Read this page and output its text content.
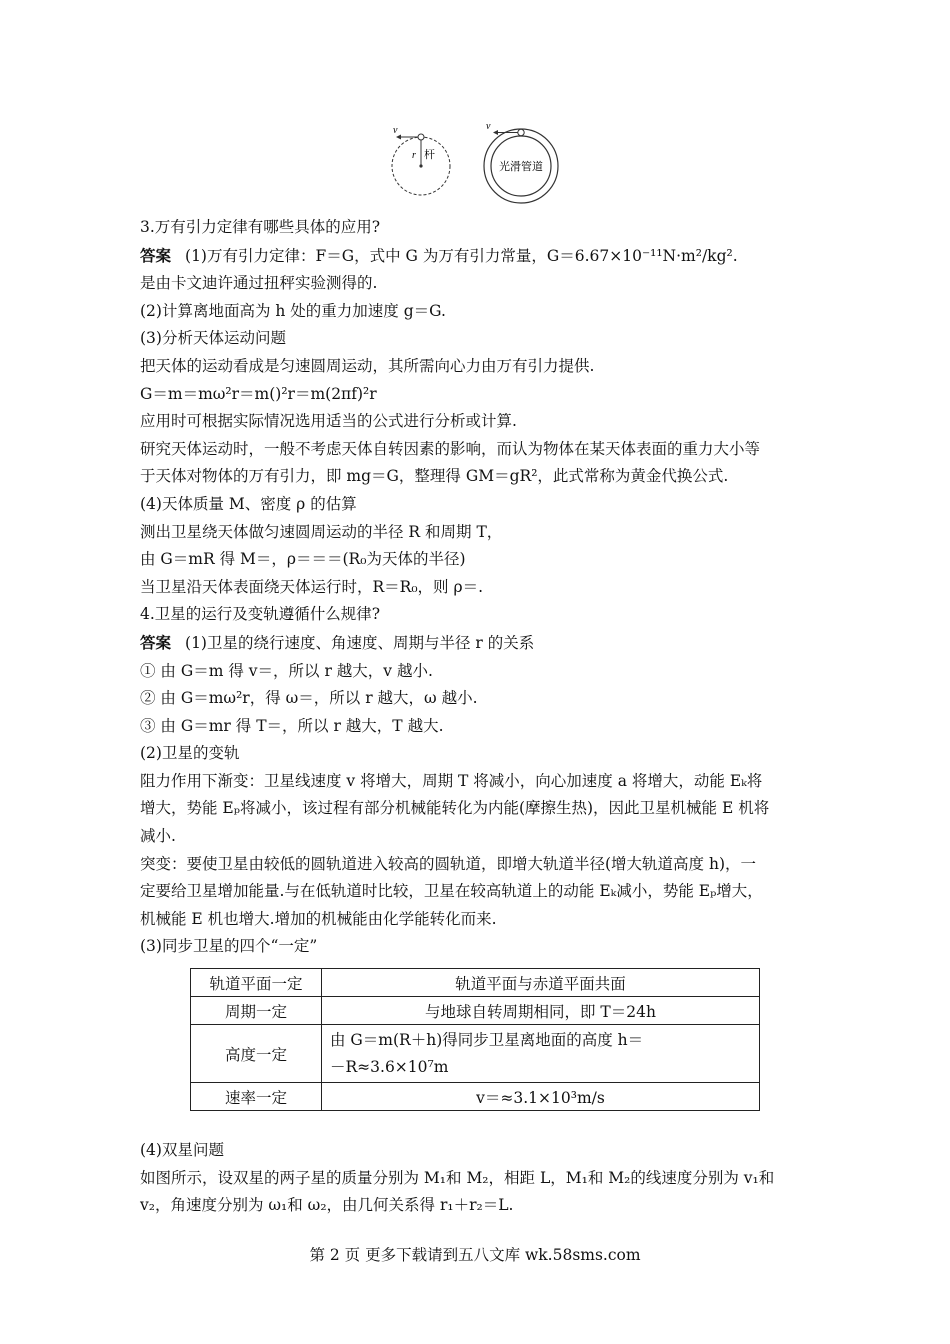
v
r 杆
v
光滑管道
3.万有引力定律有哪些具体的应用?
答案 (1)万有引力定律：F＝G，式中 G 为万有引力常量，G＝6.67×10⁻¹¹N·m²/kg².
是由卡文迪许通过扭秤实验测得的.
(2)计算离地面高为 h 处的重力加速度 g＝G.
(3)分析天体运动问题
把天体的运动看成是匀速圆周运动，其所需向心力由万有引力提供.
G＝m＝mω²r＝m()²r＝m(2πf)²r
应用时可根据实际情况选用适当的公式进行分析或计算.
研究天体运动时，一般不考虑天体自转因素的影响，而认为物体在某天体表面的重力大小等
于天体对物体的万有引力，即 mg＝G，整理得 GM＝gR²，此式常称为黄金代换公式.
(4)天体质量 M、密度 ρ 的估算
测出卫星绕天体做匀速圆周运动的半径 R 和周期 T，
由 G＝mR 得 M＝，ρ＝＝＝(R₀为天体的半径)
当卫星沿天体表面绕天体运行时，R＝R₀，则 ρ＝.
4.卫星的运行及变轨遵循什么规律?
答案 (1)卫星的绕行速度、角速度、周期与半径 r 的关系
① 由 G＝m 得 v＝，所以 r 越大，v 越小.
② 由 G＝mω²r，得 ω＝，所以 r 越大，ω 越小.
③ 由 G＝mr 得 T＝，所以 r 越大，T 越大.
(2)卫星的变轨
阻力作用下渐变：卫星线速度 v 将增大，周期 T 将减小，向心加速度 a 将增大，动能 Eₖ将
增大，势能 Eₚ将减小，该过程有部分机械能转化为内能(摩擦生热)，因此卫星机械能 E 机将
减小.
突变：要使卫星由较低的圆轨道进入较高的圆轨道，即增大轨道半径(增大轨道高度 h)，一
定要给卫星增加能量.与在低轨道时比较，卫星在较高轨道上的动能 Eₖ减小，势能 Eₚ增大，
机械能 E 机也增大.增加的机械能由化学能转化而来.
(3)同步卫星的四个“一定”
轨道平面一定	轨道平面与赤道平面共面
周期一定	与地球自转周期相同，即 T＝24h
高度一定	由 G＝m(R＋h)得同步卫星离地面的高度 h＝
－R≈3.6×10⁷m

速率一定	v＝≈3.1×10³m/s
(4)双星问题
如图所示，设双星的两子星的质量分别为 M₁和 M₂，相距 L，M₁和 M₂的线速度分别为 v₁和
v₂，角速度分别为 ω₁和 ω₂，由几何关系得 r₁＋r₂＝L.
第 2 页 更多下载请到五八文库 wk.58sms.com
